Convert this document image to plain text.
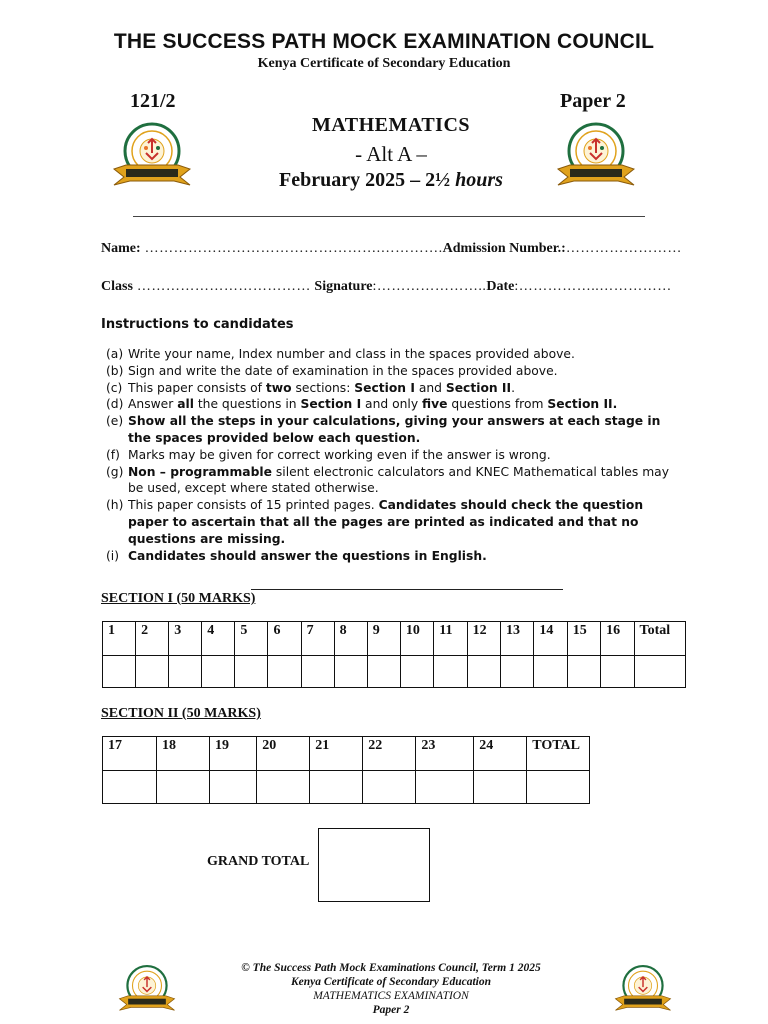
THE SUCCESS PATH MOCK EXAMINATION COUNCIL
Kenya Certificate of Secondary Education
121/2	Paper 2
MATHEMATICS
- Alt A –
February 2025 – 2½ hours
Name: ………………………………………….………….Admission Number.:……………………
Class ……………………………… Signature:…………………..Date:……………..……………
Instructions to candidates
(a) Write your name, Index number and class in the spaces provided above.
(b) Sign and write the date of examination in the spaces provided above.
(c) This paper consists of two sections: Section I and Section II.
(d) Answer all the questions in Section I and only five questions from Section II.
(e) Show all the steps in your calculations, giving your answers at each stage in the spaces provided below each question.
(f) Marks may be given for correct working even if the answer is wrong.
(g) Non – programmable silent electronic calculators and KNEC Mathematical tables may be used, except where stated otherwise.
(h) This paper consists of 15 printed pages. Candidates should check the question paper to ascertain that all the pages are printed as indicated and that no questions are missing.
(i) Candidates should answer the questions in English.
SECTION I (50 MARKS)
1	2	3	4	5	6	7	8	9	10	11	12	13	14	15	16	Total

SECTION II (50 MARKS)
17	18	19	20	21	22	23	24	TOTAL

GRAND TOTAL
© The Success Path Mock Examinations Council, Term 1 2025
Kenya Certificate of Secondary Education
MATHEMATICS EXAMINATION
Paper 2
